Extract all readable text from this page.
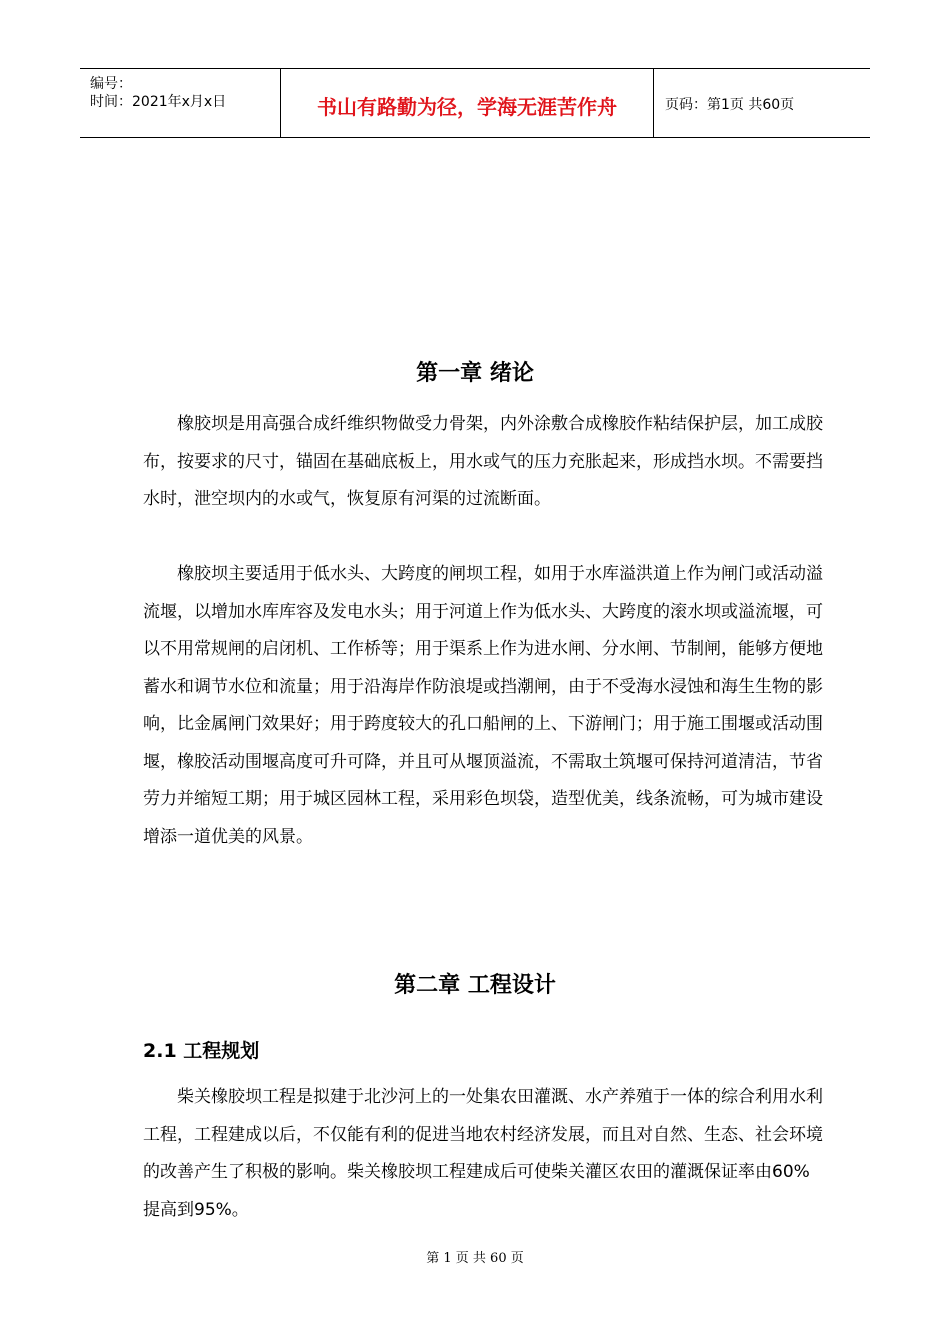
编号：
时间：2021年x月x日	书山有路勤为径，学海无涯苦作舟	页码：第1页 共60页
第一章 绪论

橡胶坝是用高强合成纤维织物做受力骨架，内外涂敷合成橡胶作粘结保护层，加工成胶布，按要求的尺寸，锚固在基础底板上，用水或气的压力充胀起来，形成挡水坝。不需要挡水时，泄空坝内的水或气，恢复原有河渠的过流断面。

橡胶坝主要适用于低水头、大跨度的闸坝工程，如用于水库溢洪道上作为闸门或活动溢流堰，以增加水库库容及发电水头；用于河道上作为低水头、大跨度的滚水坝或溢流堰，可以不用常规闸的启闭机、工作桥等；用于渠系上作为进水闸、分水闸、节制闸，能够方便地 蓄水和调节水位和流量；用于沿海岸作防浪堤或挡潮闸，由于不受海水浸蚀和海生生物的影 响，比金属闸门效果好；用于跨度较大的孔口船闸的上、下游闸门；用于施工围堰或活动围 堰，橡胶活动围堰高度可升可降，并且可从堰顶溢流，不需取土筑堰可保持河道清洁，节省 劳力并缩短工期；用于城区园林工程，采用彩色坝袋，造型优美，线条流畅，可为城市建设 增添一道优美的风景。

第二章 工程设计
2.1 工程规划

柴关橡胶坝工程是拟建于北沙河上的一处集农田灌溉、水产养殖于一体的综合利用水利工程，工程建成以后，不仅能有利的促进当地农村经济发展，而且对自然、生态、社会环境的改善产生了积极的影响。柴关橡胶坝工程建成后可使柴关灌区农田的灌溉保证率由60%提高到95%。

第 1 页 共 60 页
